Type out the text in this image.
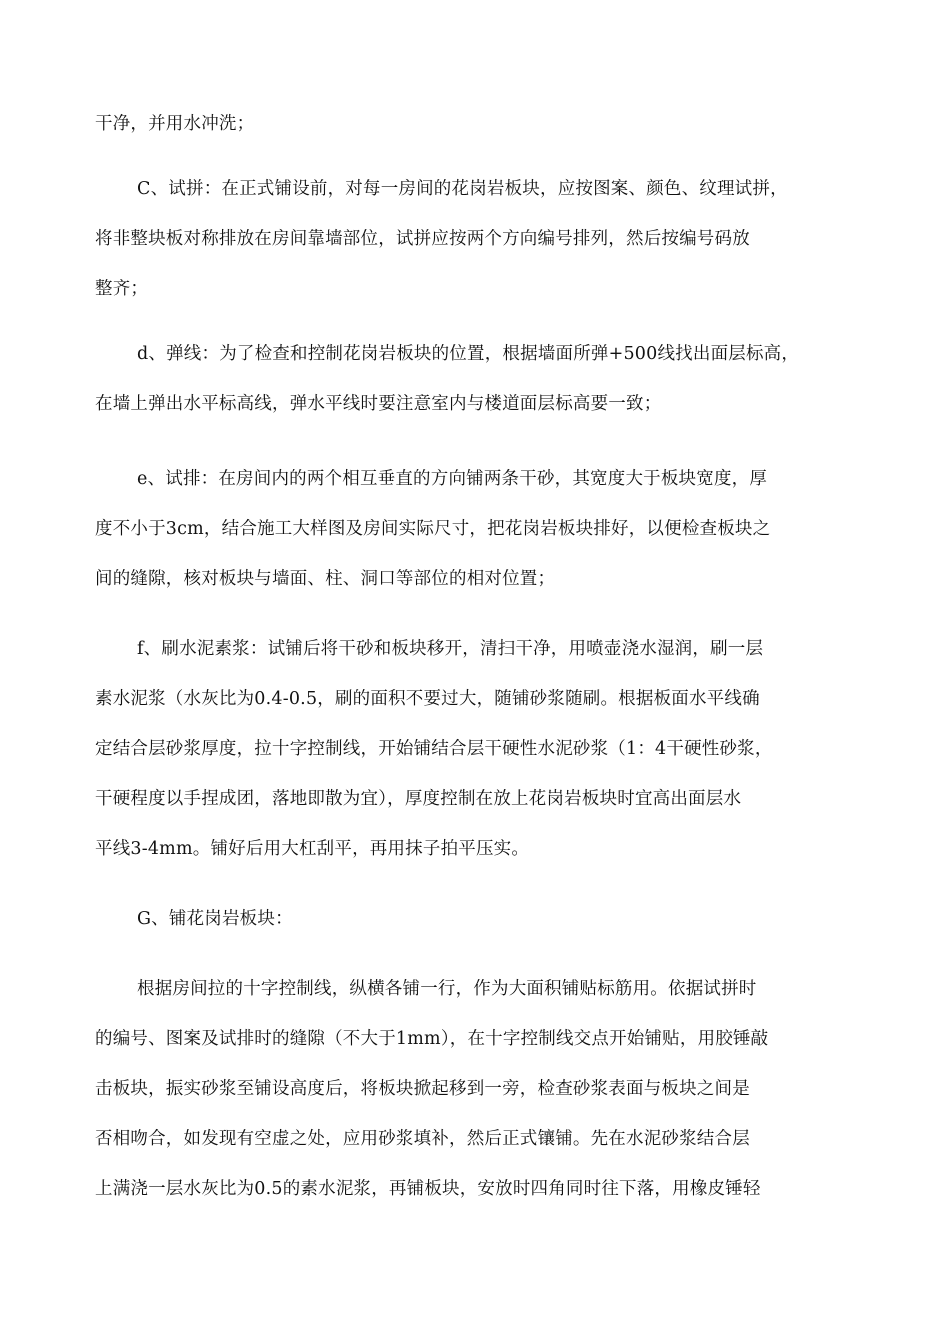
干净，并用水冲洗；
C、试拼：在正式铺设前，对每一房间的花岗岩板块，应按图案、颜色、纹理试拼，
将非整块板对称排放在房间靠墙部位，试拼应按两个方向编号排列，然后按编号码放
整齐；
d、弹线：为了检查和控制花岗岩板块的位置，根据墙面所弹+500线找出面层标高，
在墙上弹出水平标高线，弹水平线时要注意室内与楼道面层标高要一致；
e、试排：在房间内的两个相互垂直的方向铺两条干砂，其宽度大于板块宽度，厚
度不小于3cm，结合施工大样图及房间实际尺寸，把花岗岩板块排好，以便检查板块之
间的缝隙，核对板块与墙面、柱、洞口等部位的相对位置；
f、刷水泥素浆：试铺后将干砂和板块移开，清扫干净，用喷壶浇水湿润，刷一层
素水泥浆（水灰比为0.4-0.5，刷的面积不要过大，随铺砂浆随刷。根据板面水平线确
定结合层砂浆厚度，拉十字控制线，开始铺结合层干硬性水泥砂浆（1：4干硬性砂浆，
干硬程度以手捏成团，落地即散为宜），厚度控制在放上花岗岩板块时宜高出面层水
平线3-4mm。铺好后用大杠刮平，再用抹子拍平压实。
G、铺花岗岩板块：
根据房间拉的十字控制线，纵横各铺一行，作为大面积铺贴标筋用。依据试拼时
的编号、图案及试排时的缝隙（不大于1mm），在十字控制线交点开始铺贴，用胶锤敲
击板块，振实砂浆至铺设高度后，将板块掀起移到一旁，检查砂浆表面与板块之间是
否相吻合，如发现有空虚之处，应用砂浆填补，然后正式镶铺。先在水泥砂浆结合层
上满浇一层水灰比为0.5的素水泥浆，再铺板块，安放时四角同时往下落，用橡皮锤轻
